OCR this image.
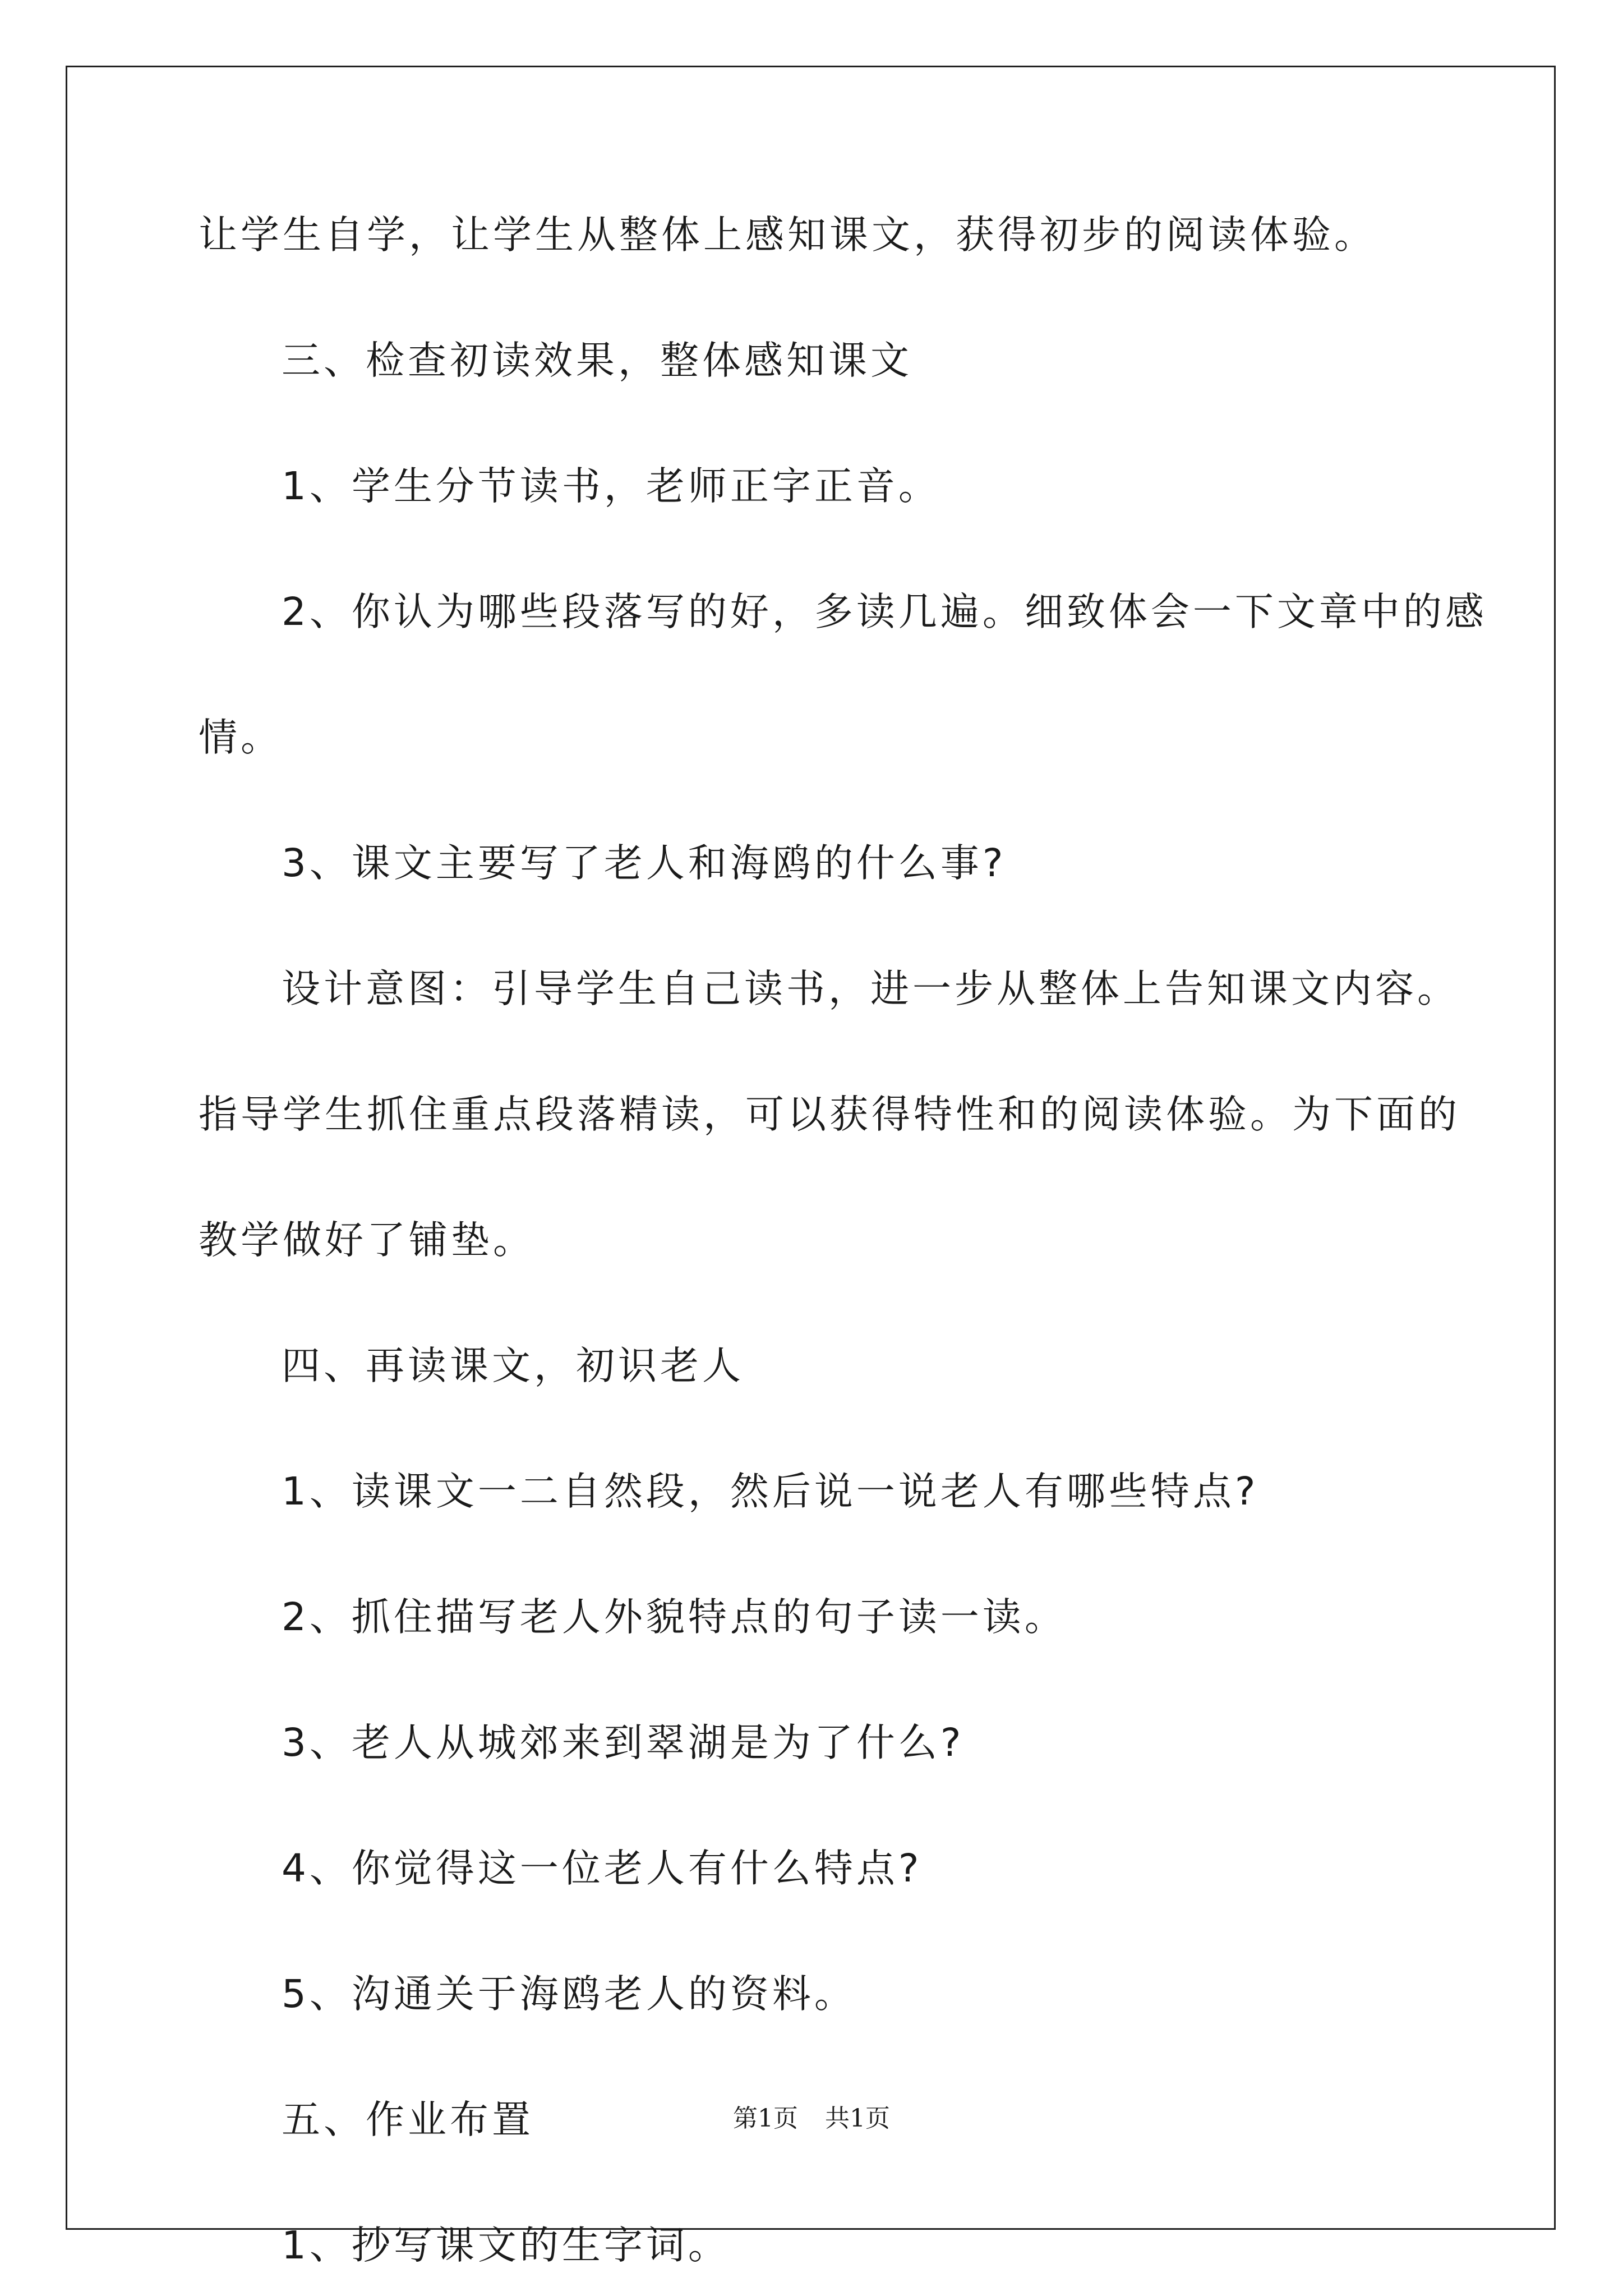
让学生自学，让学生从整体上感知课文，获得初步的阅读体验。
三、检查初读效果，整体感知课文
1、学生分节读书，老师正字正音。
2、你认为哪些段落写的好，多读几遍。细致体会一下文章中的感
情。
3、课文主要写了老人和海鸥的什么事?
设计意图：引导学生自己读书，进一步从整体上告知课文内容。
指导学生抓住重点段落精读，可以获得特性和的阅读体验。为下面的
教学做好了铺垫。
四、再读课文，初识老人
1、读课文一二自然段，然后说一说老人有哪些特点?
2、抓住描写老人外貌特点的句子读一读。
3、老人从城郊来到翠湖是为了什么?
4、你觉得这一位老人有什么特点?
5、沟通关于海鸥老人的资料。
五、作业布置
1、抄写课文的生字词。
第1页 共1页
